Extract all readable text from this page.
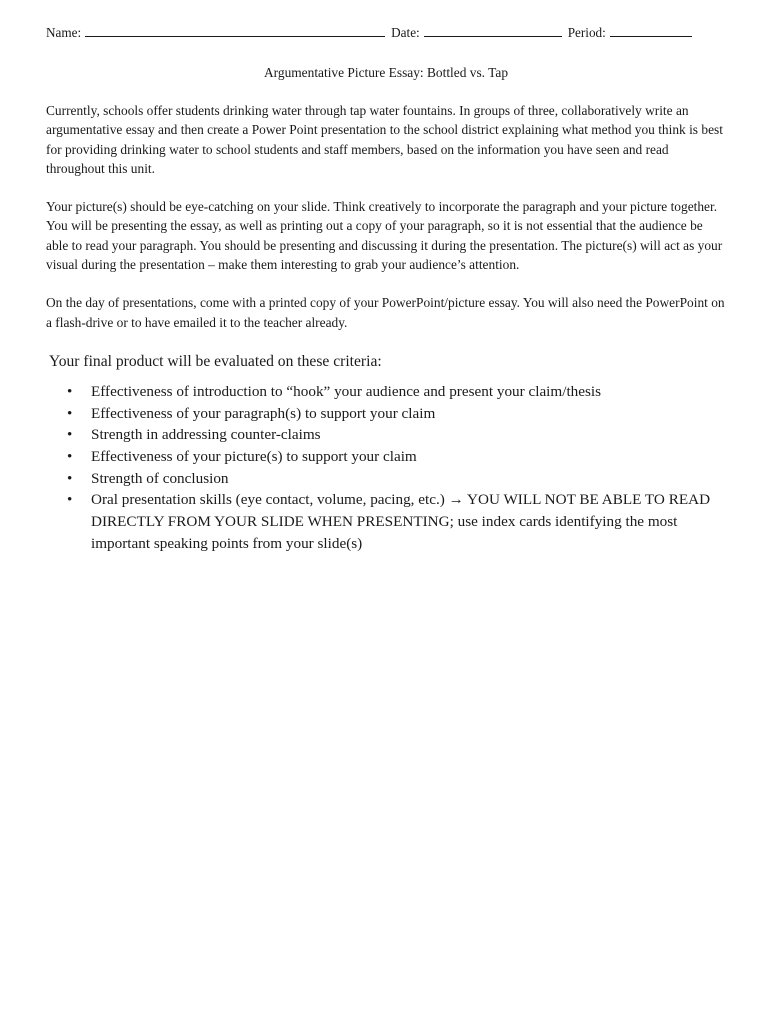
Name:	Date:	Period:
Argumentative Picture Essay: Bottled vs. Tap

Currently, schools offer students drinking water through tap water fountains. In groups of three, collaboratively write an argumentative essay and then create a Power Point presentation to the school district explaining what method you think is best for providing drinking water to school students and staff members, based on the information you have seen and read throughout this unit.

Your picture(s) should be eye-catching on your slide. Think creatively to incorporate the paragraph and your picture together. You will be presenting the essay, as well as printing out a copy of your paragraph, so it is not essential that the audience be able to read your paragraph. You should be presenting and discussing it during the presentation. The picture(s) will act as your visual during the presentation – make them interesting to grab your audience’s attention.

On the day of presentations, come with a printed copy of your PowerPoint/picture essay. You will also need the PowerPoint on a flash-drive or to have emailed it to the teacher already.

Your final product will be evaluated on these criteria:
• Effectiveness of introduction to “hook” your audience and present your claim/thesis
• Effectiveness of your paragraph(s) to support your claim
• Strength in addressing counter-claims
• Effectiveness of your picture(s) to support your claim
• Strength of conclusion
• Oral presentation skills (eye contact, volume, pacing, etc.) → YOU WILL NOT BE ABLE TO READ DIRECTLY FROM YOUR SLIDE WHEN PRESENTING; use index cards identifying the most important speaking points from your slide(s)
